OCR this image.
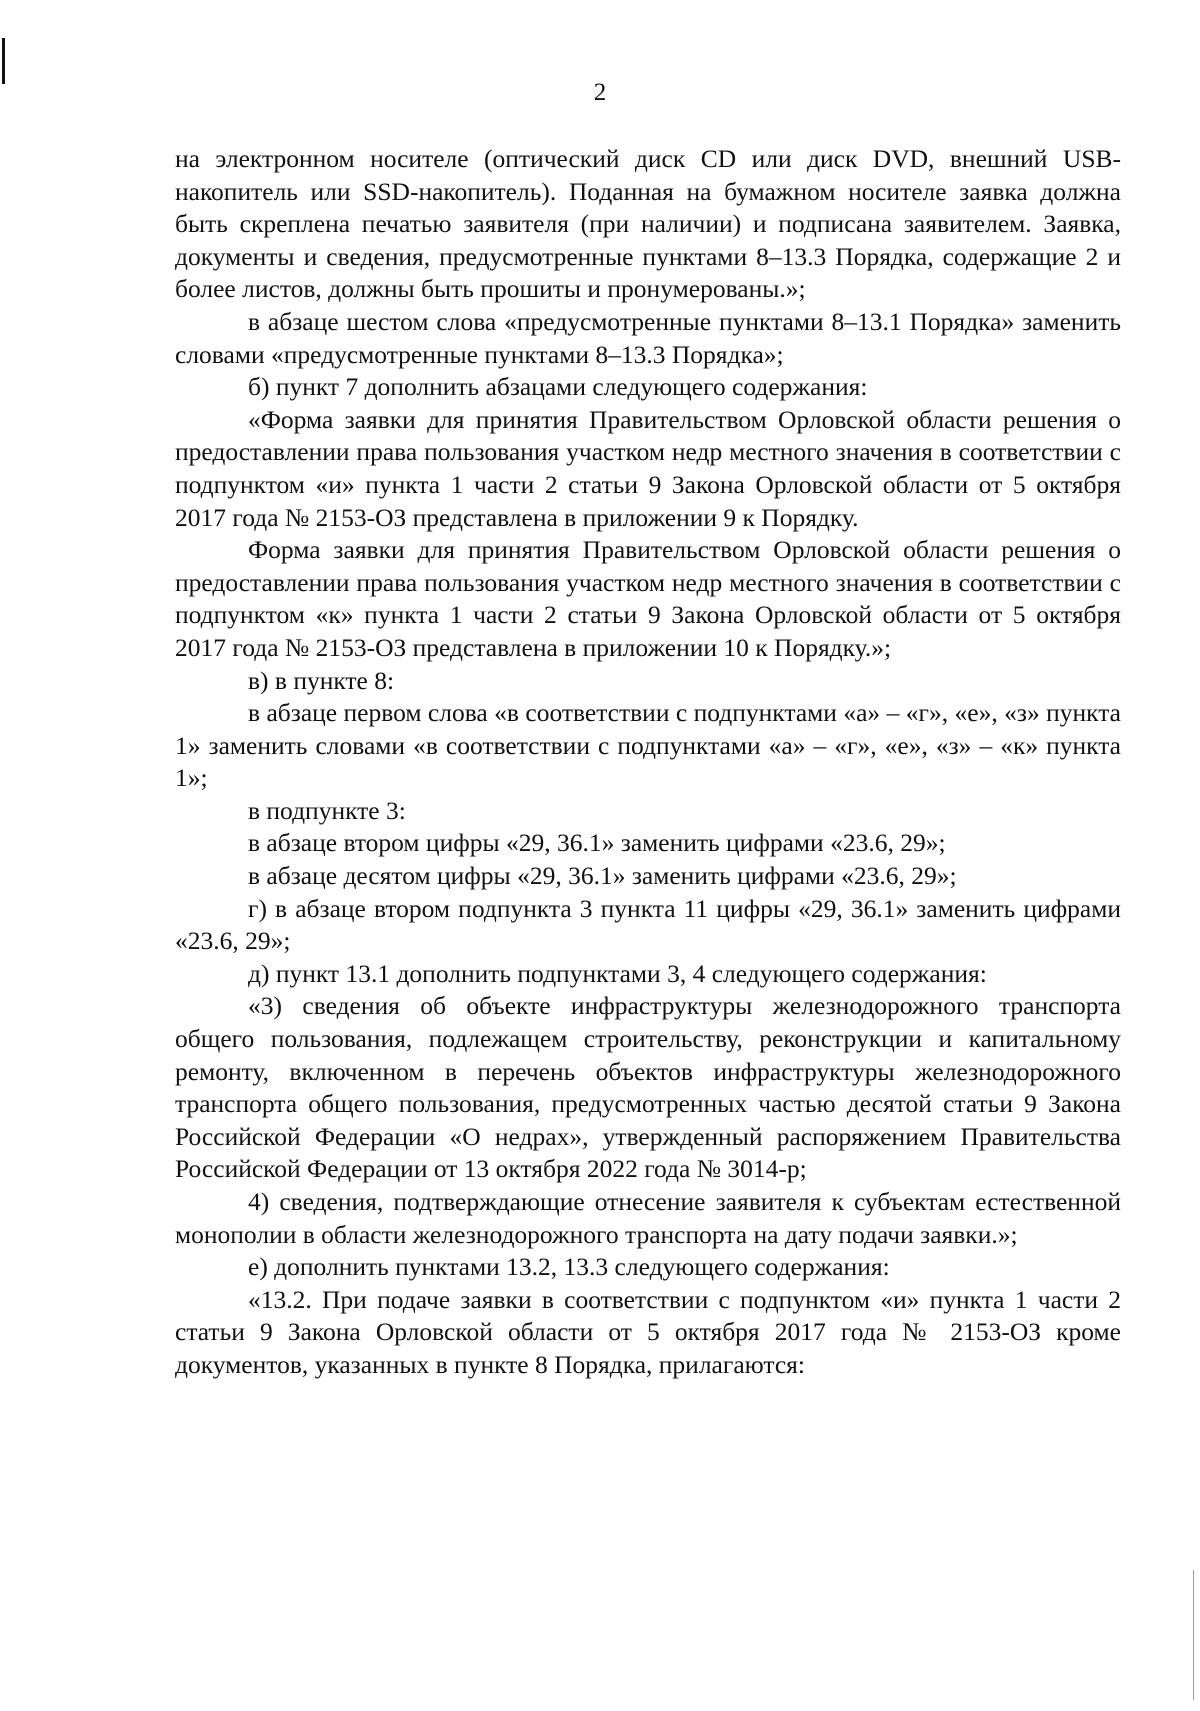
2

на электронном носителе (оптический диск CD или диск DVD, внешний USB-накопитель или SSD-накопитель). Поданная на бумажном носителе заявка должна быть скреплена печатью заявителя (при наличии) и подписана заявителем. Заявка, документы и сведения, предусмотренные пунктами 8–13.3 Порядка, содержащие 2 и более листов, должны быть прошиты и пронумерованы.»;

в абзаце шестом слова «предусмотренные пунктами 8–13.1 Порядка» заменить словами «предусмотренные пунктами 8–13.3 Порядка»;

б) пункт 7 дополнить абзацами следующего содержания:

«Форма заявки для принятия Правительством Орловской области решения о предоставлении права пользования участком недр местного значения в соответствии с подпунктом «и» пункта 1 части 2 статьи 9 Закона Орловской области от 5 октября 2017 года № 2153-ОЗ представлена в приложении 9 к Порядку.

Форма заявки для принятия Правительством Орловской области решения о предоставлении права пользования участком недр местного значения в соответствии с подпунктом «к» пункта 1 части 2 статьи 9 Закона Орловской области от 5 октября 2017 года № 2153-ОЗ представлена в приложении 10 к Порядку.»;

в) в пункте 8:

в абзаце первом слова «в соответствии с подпунктами «а» – «г», «е», «з» пункта 1» заменить словами «в соответствии с подпунктами «а» – «г», «е», «з» – «к» пункта 1»;

в подпункте 3:

в абзаце втором цифры «29, 36.1» заменить цифрами «23.6, 29»;

в абзаце десятом цифры «29, 36.1» заменить цифрами «23.6, 29»;

г) в абзаце втором подпункта 3 пункта 11 цифры «29, 36.1» заменить цифрами «23.6, 29»;

д) пункт 13.1 дополнить подпунктами 3, 4 следующего содержания:

«3) сведения об объекте инфраструктуры железнодорожного транспорта общего пользования, подлежащем строительству, реконструкции и капитальному ремонту, включенном в перечень объектов инфраструктуры железнодорожного транспорта общего пользования, предусмотренных частью десятой статьи 9 Закона Российской Федерации «О недрах», утвержденный распоряжением Правительства Российской Федерации от 13 октября 2022 года № 3014-р;

4) сведения, подтверждающие отнесение заявителя к субъектам естественной монополии в области железнодорожного транспорта на дату подачи заявки.»;

е) дополнить пунктами 13.2, 13.3 следующего содержания:

«13.2. При подаче заявки в соответствии с подпунктом «и» пункта 1 части 2 статьи 9 Закона Орловской области от 5 октября 2017 года № 2153-ОЗ кроме документов, указанных в пункте 8 Порядка, прилагаются:
